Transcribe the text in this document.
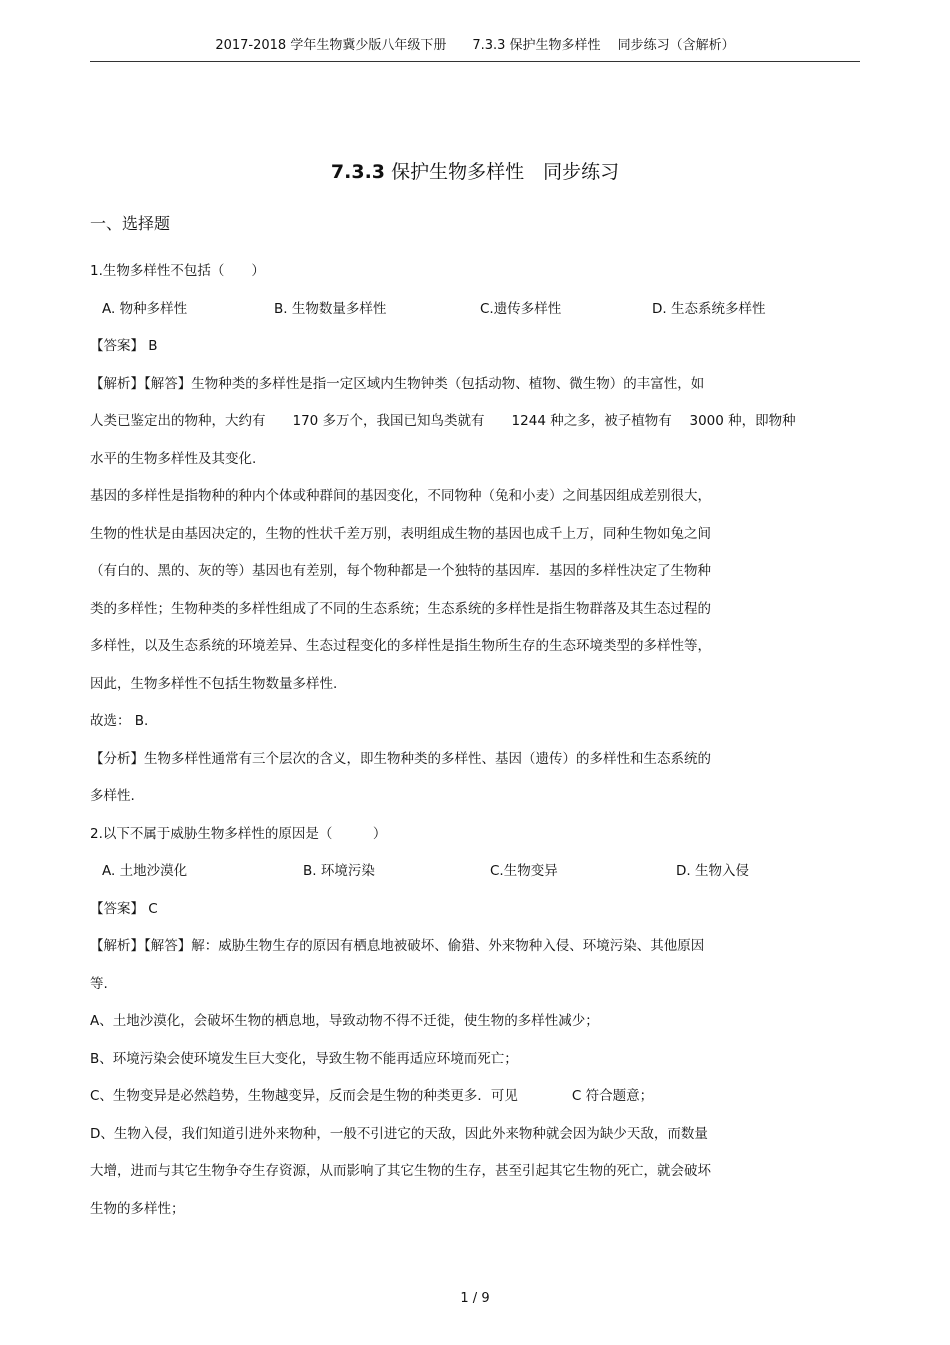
2017-2018 学年生物冀少版八年级下册　　7.3.3 保护生物多样性　 同步练习（含解析）
7.3.3 保护生物多样性　同步练习
一、选择题
1.生物多样性不包括（　　）
A. 物种多样性	B. 生物数量多样性	C.遗传多样性	D. 生态系统多样性
【答案】 B
【解析】【解答】生物种类的多样性是指一定区域内生物钟类（包括动物、植物、微生物）的丰富性，如
人类已鉴定出的物种，大约有　　170 多万个，我国已知鸟类就有　　1244 种之多，被子植物有　 3000 种，即物种
水平的生物多样性及其变化.
基因的多样性是指物种的种内个体或种群间的基因变化，不同物种（兔和小麦）之间基因组成差别很大，
生物的性状是由基因决定的，生物的性状千差万别，表明组成生物的基因也成千上万，同种生物如兔之间
（有白的、黑的、灰的等）基因也有差别，每个物种都是一个独特的基因库．基因的多样性决定了生物种
类的多样性；生物种类的多样性组成了不同的生态系统；生态系统的多样性是指生物群落及其生态过程的
多样性，以及生态系统的环境差异、生态过程变化的多样性是指生物所生存的生态环境类型的多样性等，
因此，生物多样性不包括生物数量多样性.
故选： B.
【分析】生物多样性通常有三个层次的含义，即生物种类的多样性、基因（遗传）的多样性和生态系统的
多样性.
2.以下不属于威胁生物多样性的原因是（　　　）
A. 土地沙漠化	B. 环境污染	C.生物变异	D. 生物入侵
【答案】 C
【解析】【解答】解：威胁生物生存的原因有栖息地被破坏、偷猎、外来物种入侵、环境污染、其他原因
等.
A、土地沙漠化，会破坏生物的栖息地，导致动物不得不迁徙，使生物的多样性减少；
B、环境污染会使环境发生巨大变化，导致生物不能再适应环境而死亡；
C、生物变异是必然趋势，生物越变异，反而会是生物的种类更多．可见　　　　C 符合题意；
D、生物入侵，我们知道引进外来物种，一般不引进它的天敌，因此外来物种就会因为缺少天敌，而数量
大增，进而与其它生物争夺生存资源，从而影响了其它生物的生存，甚至引起其它生物的死亡，就会破坏
生物的多样性；
1 / 9
